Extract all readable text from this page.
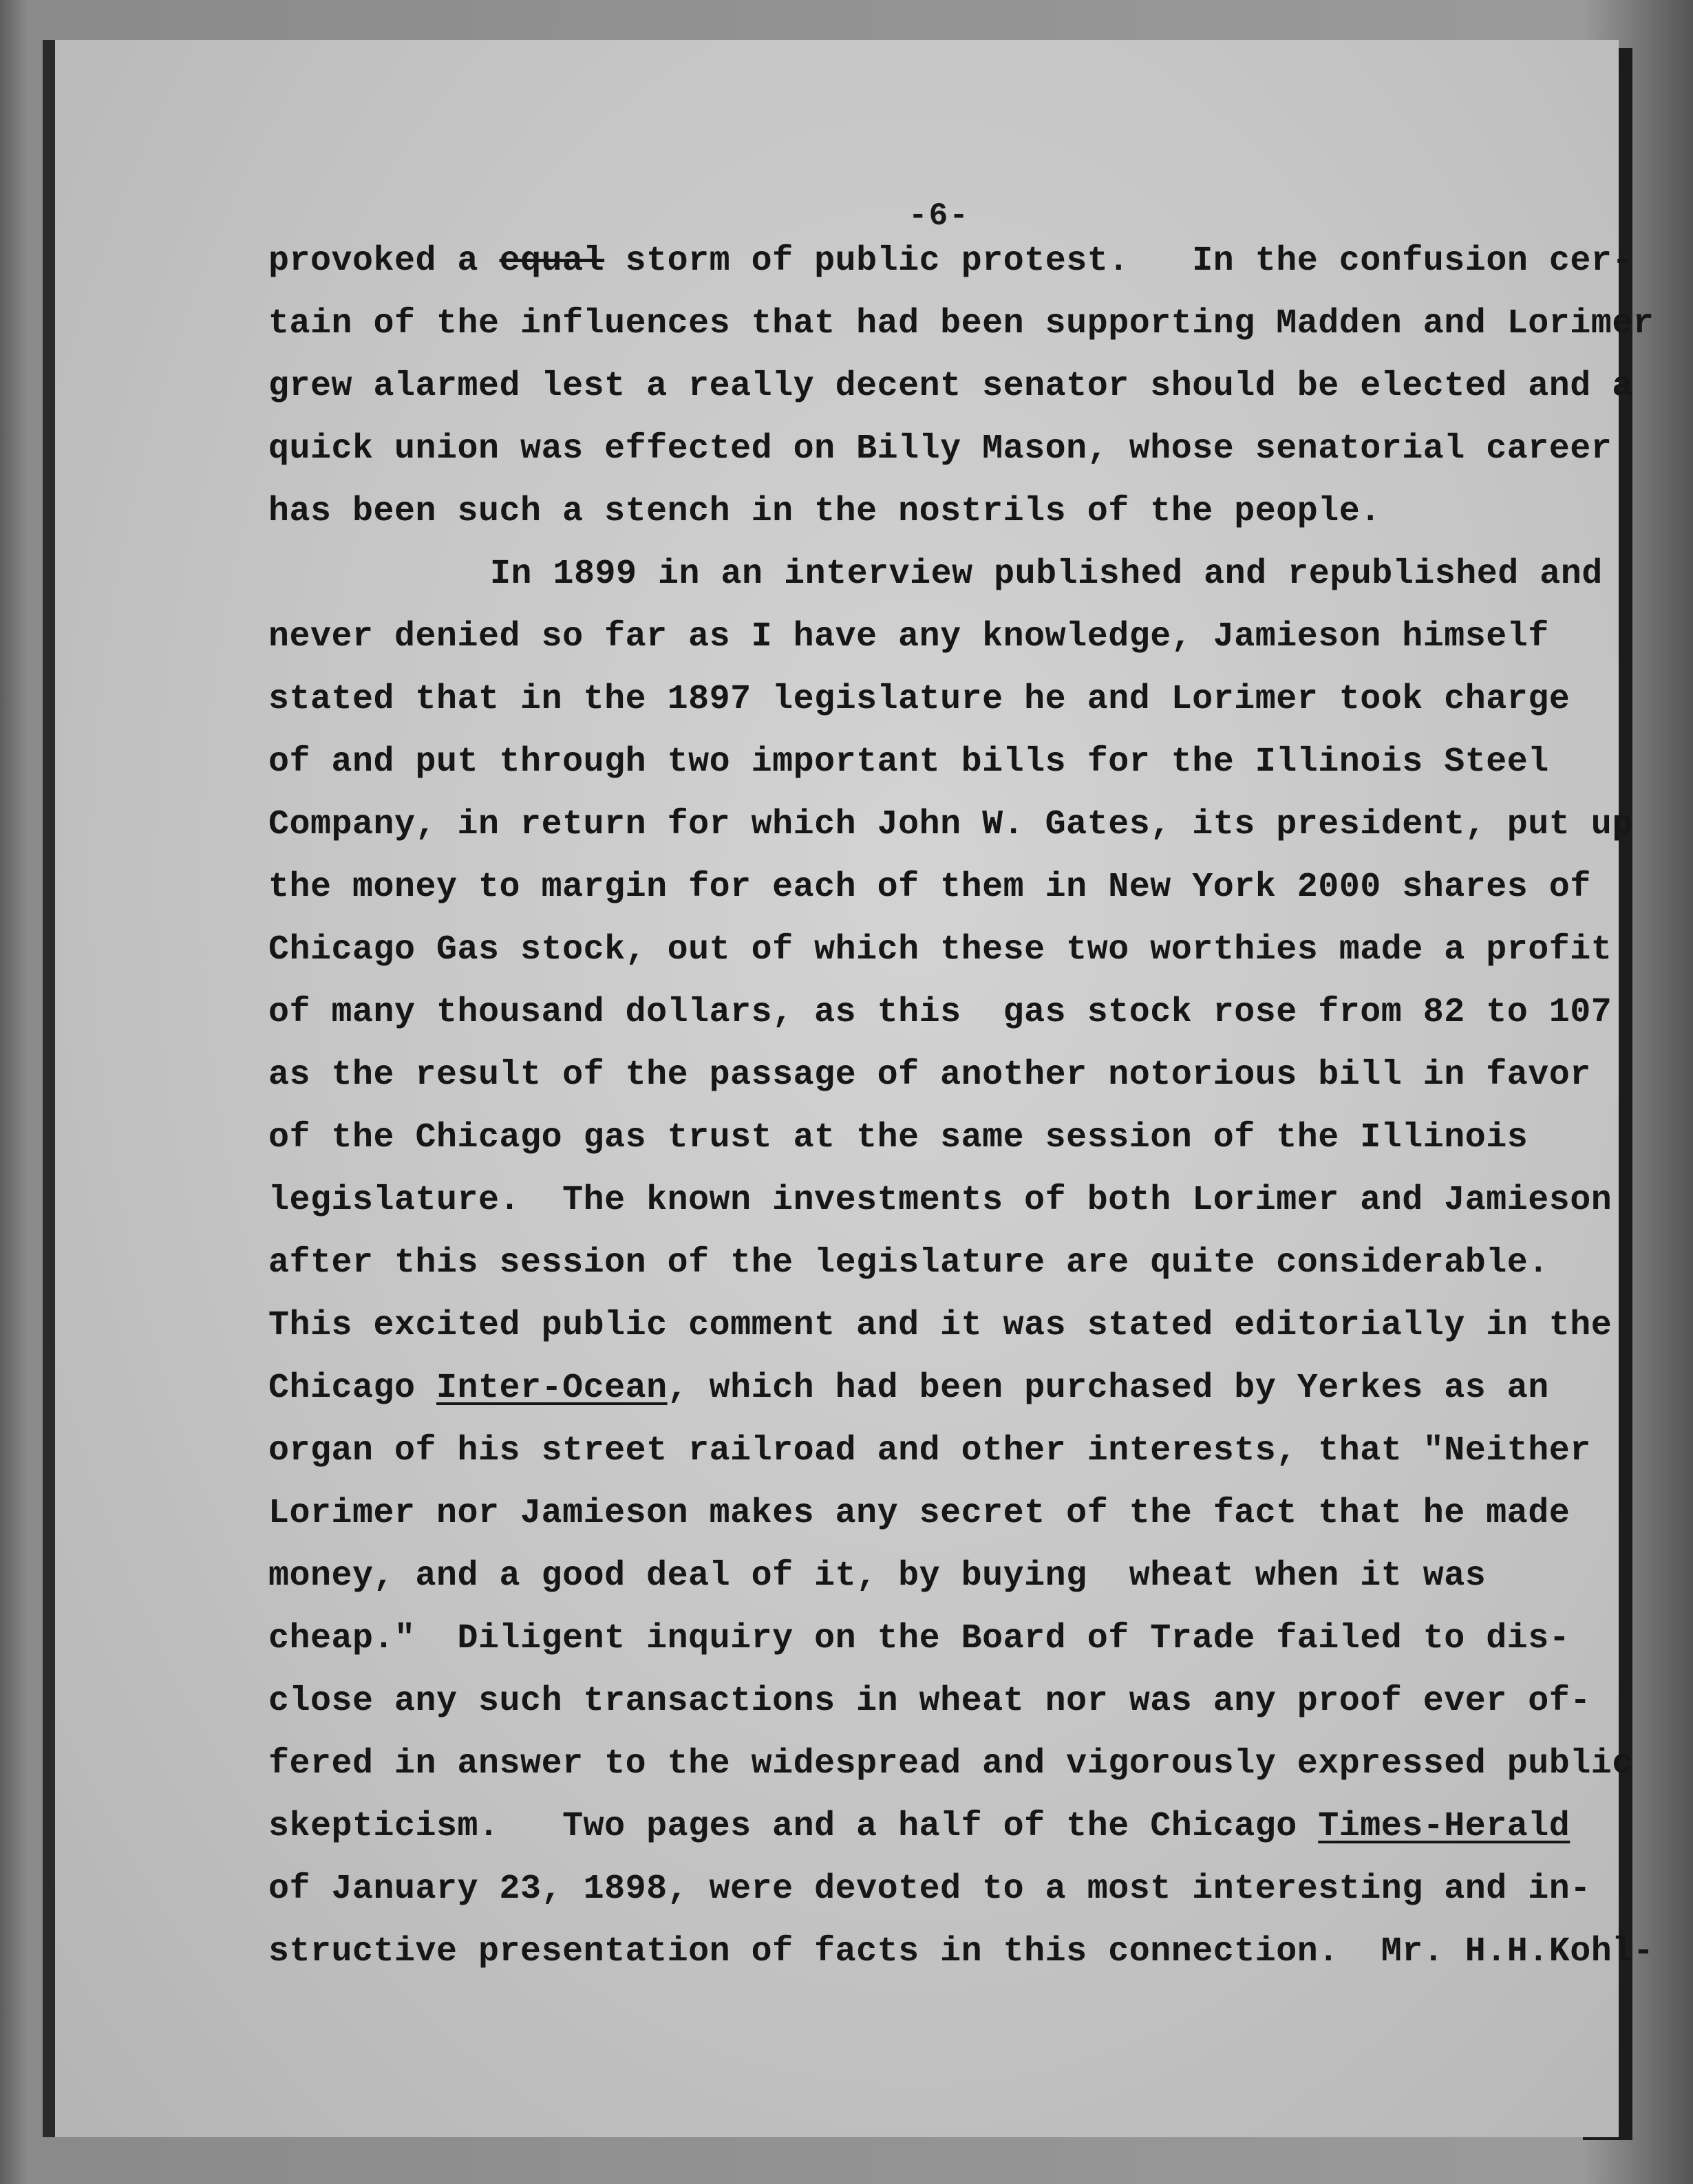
-6-
provoked a equal storm of public protest.   In the confusion cer-
tain of the influences that had been supporting Madden and Lorimer
grew alarmed lest a really decent senator should be elected and a
quick union was effected on Billy Mason, whose senatorial career
has been such a stench in the nostrils of the people.
In 1899 in an interview published and republished and
never denied so far as I have any knowledge, Jamieson himself
stated that in the 1897 legislature he and Lorimer took charge
of and put through two important bills for the Illinois Steel
Company, in return for which John W. Gates, its president, put up
the money to margin for each of them in New York 2000 shares of
Chicago Gas stock, out of which these two worthies made a profit
of many thousand dollars, as this  gas stock rose from 82 to 107
as the result of the passage of another notorious bill in favor
of the Chicago gas trust at the same session of the Illinois
legislature.  The known investments of both Lorimer and Jamieson
after this session of the legislature are quite considerable.
This excited public comment and it was stated editorially in the
Chicago Inter-Ocean, which had been purchased by Yerkes as an
organ of his street railroad and other interests, that "Neither
Lorimer nor Jamieson makes any secret of the fact that he made
money, and a good deal of it, by buying  wheat when it was
cheap."  Diligent inquiry on the Board of Trade failed to dis-
close any such transactions in wheat nor was any proof ever of-
fered in answer to the widespread and vigorously expressed public
skepticism.   Two pages and a half of the Chicago Times-Herald
of January 23, 1898, were devoted to a most interesting and in-
structive presentation of facts in this connection.  Mr. H.H.Kohl-
